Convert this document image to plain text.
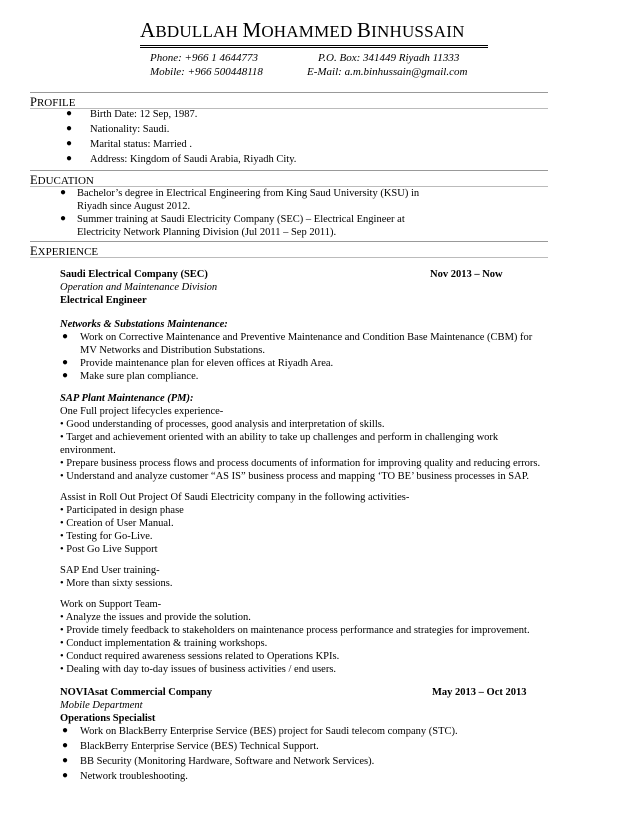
ABDULLAH MOHAMMED BINHUSSAIN
Phone: +966 1 4644773
Mobile: +966 500448118
P.O. Box: 341449 Riyadh 11333
E-Mail: a.m.binhussain@gmail.com
PROFILE
● Birth Date: 12 Sep, 1987.
● Nationality: Saudi.
● Marital status: Married .
● Address: Kingdom of Saudi Arabia, Riyadh City.
EDUCATION
● Bachelor’s degree in Electrical Engineering from King Saud University (KSU) in
Riyadh since August 2012.
● Summer training at Saudi Electricity Company (SEC) – Electrical Engineer at
Electricity Network Planning Division (Jul 2011 – Sep 2011).
EXPERIENCE
Saudi Electrical Company (SEC)	Nov 2013 – Now
Operation and Maintenance Division
Electrical Engineer
Networks & Substations Maintenance:
● Work on Corrective Maintenance and Preventive Maintenance and Condition Base Maintenance (CBM) for
MV Networks and Distribution Substations.
● Provide maintenance plan for eleven offices at Riyadh Area.
● Make sure plan compliance.
SAP Plant Maintenance (PM):
One Full project lifecycles experience-
• Good understanding of processes, good analysis and interpretation of skills.
• Target and achievement oriented with an ability to take up challenges and perform in challenging work
environment.
• Prepare business process flows and process documents of information for improving quality and reducing errors.
• Understand and analyze customer “AS IS” business process and mapping ‘TO BE’ business processes in SAP.
Assist in Roll Out Project Of Saudi Electricity company in the following activities-
• Participated in design phase
• Creation of User Manual.
• Testing for Go-Live.
• Post Go Live Support
SAP End User training-
• More than sixty sessions.
Work on Support Team-
• Analyze the issues and provide the solution.
• Provide timely feedback to stakeholders on maintenance process performance and strategies for improvement.
• Conduct implementation & training workshops.
• Conduct required awareness sessions related to Operations KPIs.
• Dealing with day to-day issues of business activities / end users.
NOVIAsat Commercial Company	May 2013 – Oct 2013
Mobile Department
Operations Specialist
● Work on BlackBerry Enterprise Service (BES) project for Saudi telecom company (STC).
● BlackBerry Enterprise Service (BES) Technical Support.
● BB Security (Monitoring Hardware, Software and Network Services).
● Network troubleshooting.
